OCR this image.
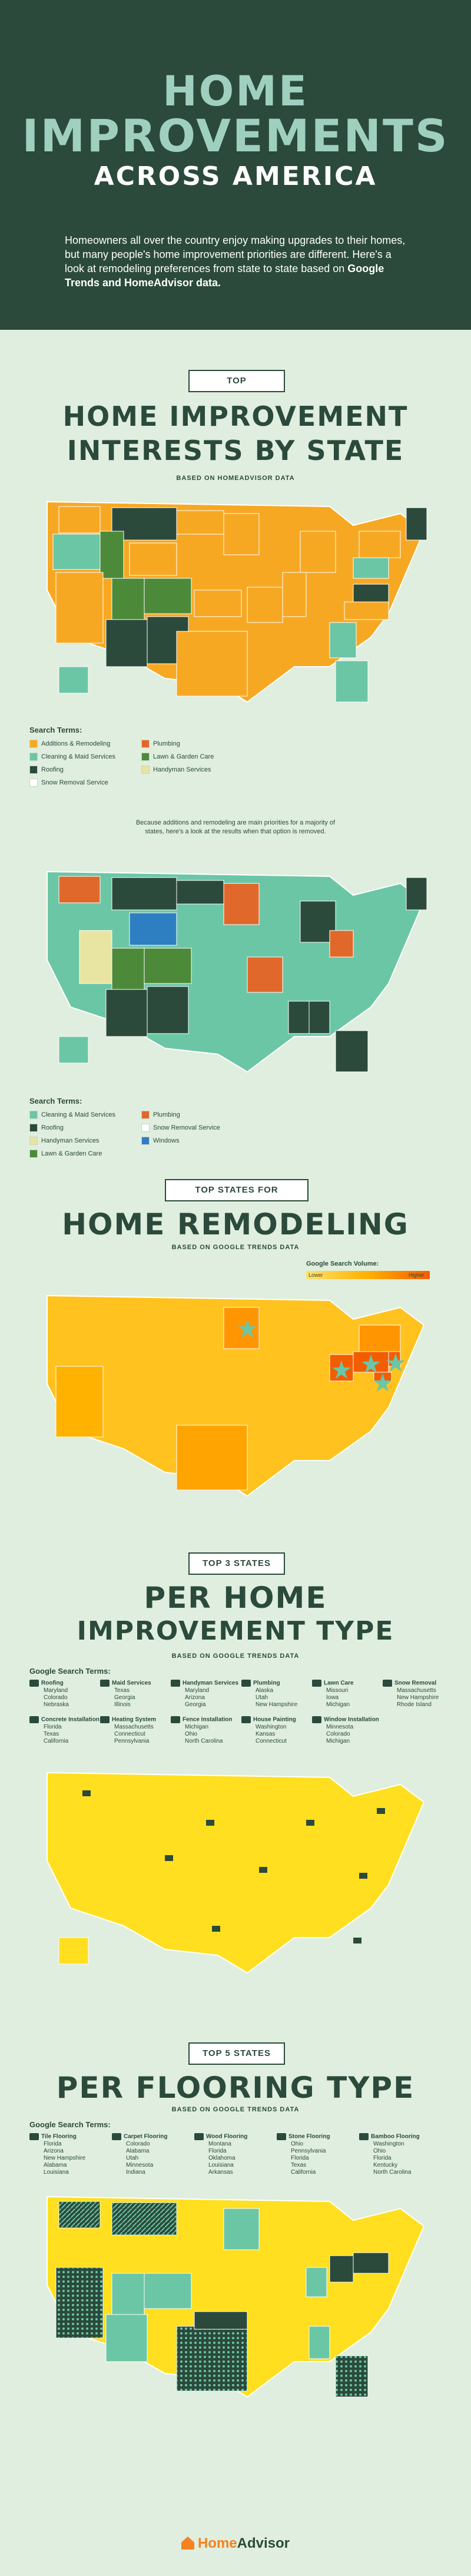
HOME
IMPROVEMENTS
ACROSS AMERICA
Homeowners all over the country enjoy making upgrades to their homes, but many people's home improvement priorities are different. Here's a look at remodeling preferences from state to state based on Google Trends and HomeAdvisor data.
TOP
HOME IMPROVEMENT
INTERESTS BY STATE
BASED ON HOMEADVISOR DATA
Search Terms:
Additions & Remodeling
Cleaning & Maid Services
Roofing
Snow Removal Service
Plumbing
Lawn & Garden Care
Handyman Services
Because additions and remodeling are main priorities for a majority of states, here's a look at the results when that option is removed.
Search Terms:
Cleaning & Maid Services
Roofing
Handyman Services
Lawn & Garden Care
Plumbing
Snow Removal Service
Windows
TOP STATES FOR
HOME REMODELING
BASED ON GOOGLE TRENDS DATA
Google Search Volume:
Lower	Higher
TOP 3 STATES
PER HOME
IMPROVEMENT TYPE
BASED ON GOOGLE TRENDS DATA
Google Search Terms:
Roofing
Maryland
Colorado
Nebraska
Maid Services
Texas
Georgia
Illinois
Handyman Services
Maryland
Arizona
Georgia
Plumbing
Alaska
Utah
New Hampshire
Lawn Care
Missouri
Iowa
Michigan
Snow Removal
Massachusetts
New Hampshire
Rhode Island
Concrete Installation
Florida
Texas
California
Heating System
Massachusetts
Connecticut
Pennsylvania
Fence Installation
Michigan
Ohio
North Carolina
House Painting
Washington
Kansas
Connecticut
Window Installation
Minnesota
Colorado
Michigan
TOP 5 STATES
PER FLOORING TYPE
BASED ON GOOGLE TRENDS DATA
Google Search Terms:
Tile Flooring
Florida
Arizona
New Hampshire
Alabama
Louisiana
Carpet Flooring
Colorado
Alabama
Utah
Minnesota
Indiana
Wood Flooring
Montana
Florida
Oklahoma
Louisiana
Arkansas
Stone Flooring
Ohio
Pennsylvania
Florida
Texas
California
Bamboo Flooring
Washington
Ohio
Florida
Kentucky
North Carolina
HomeAdvisor
